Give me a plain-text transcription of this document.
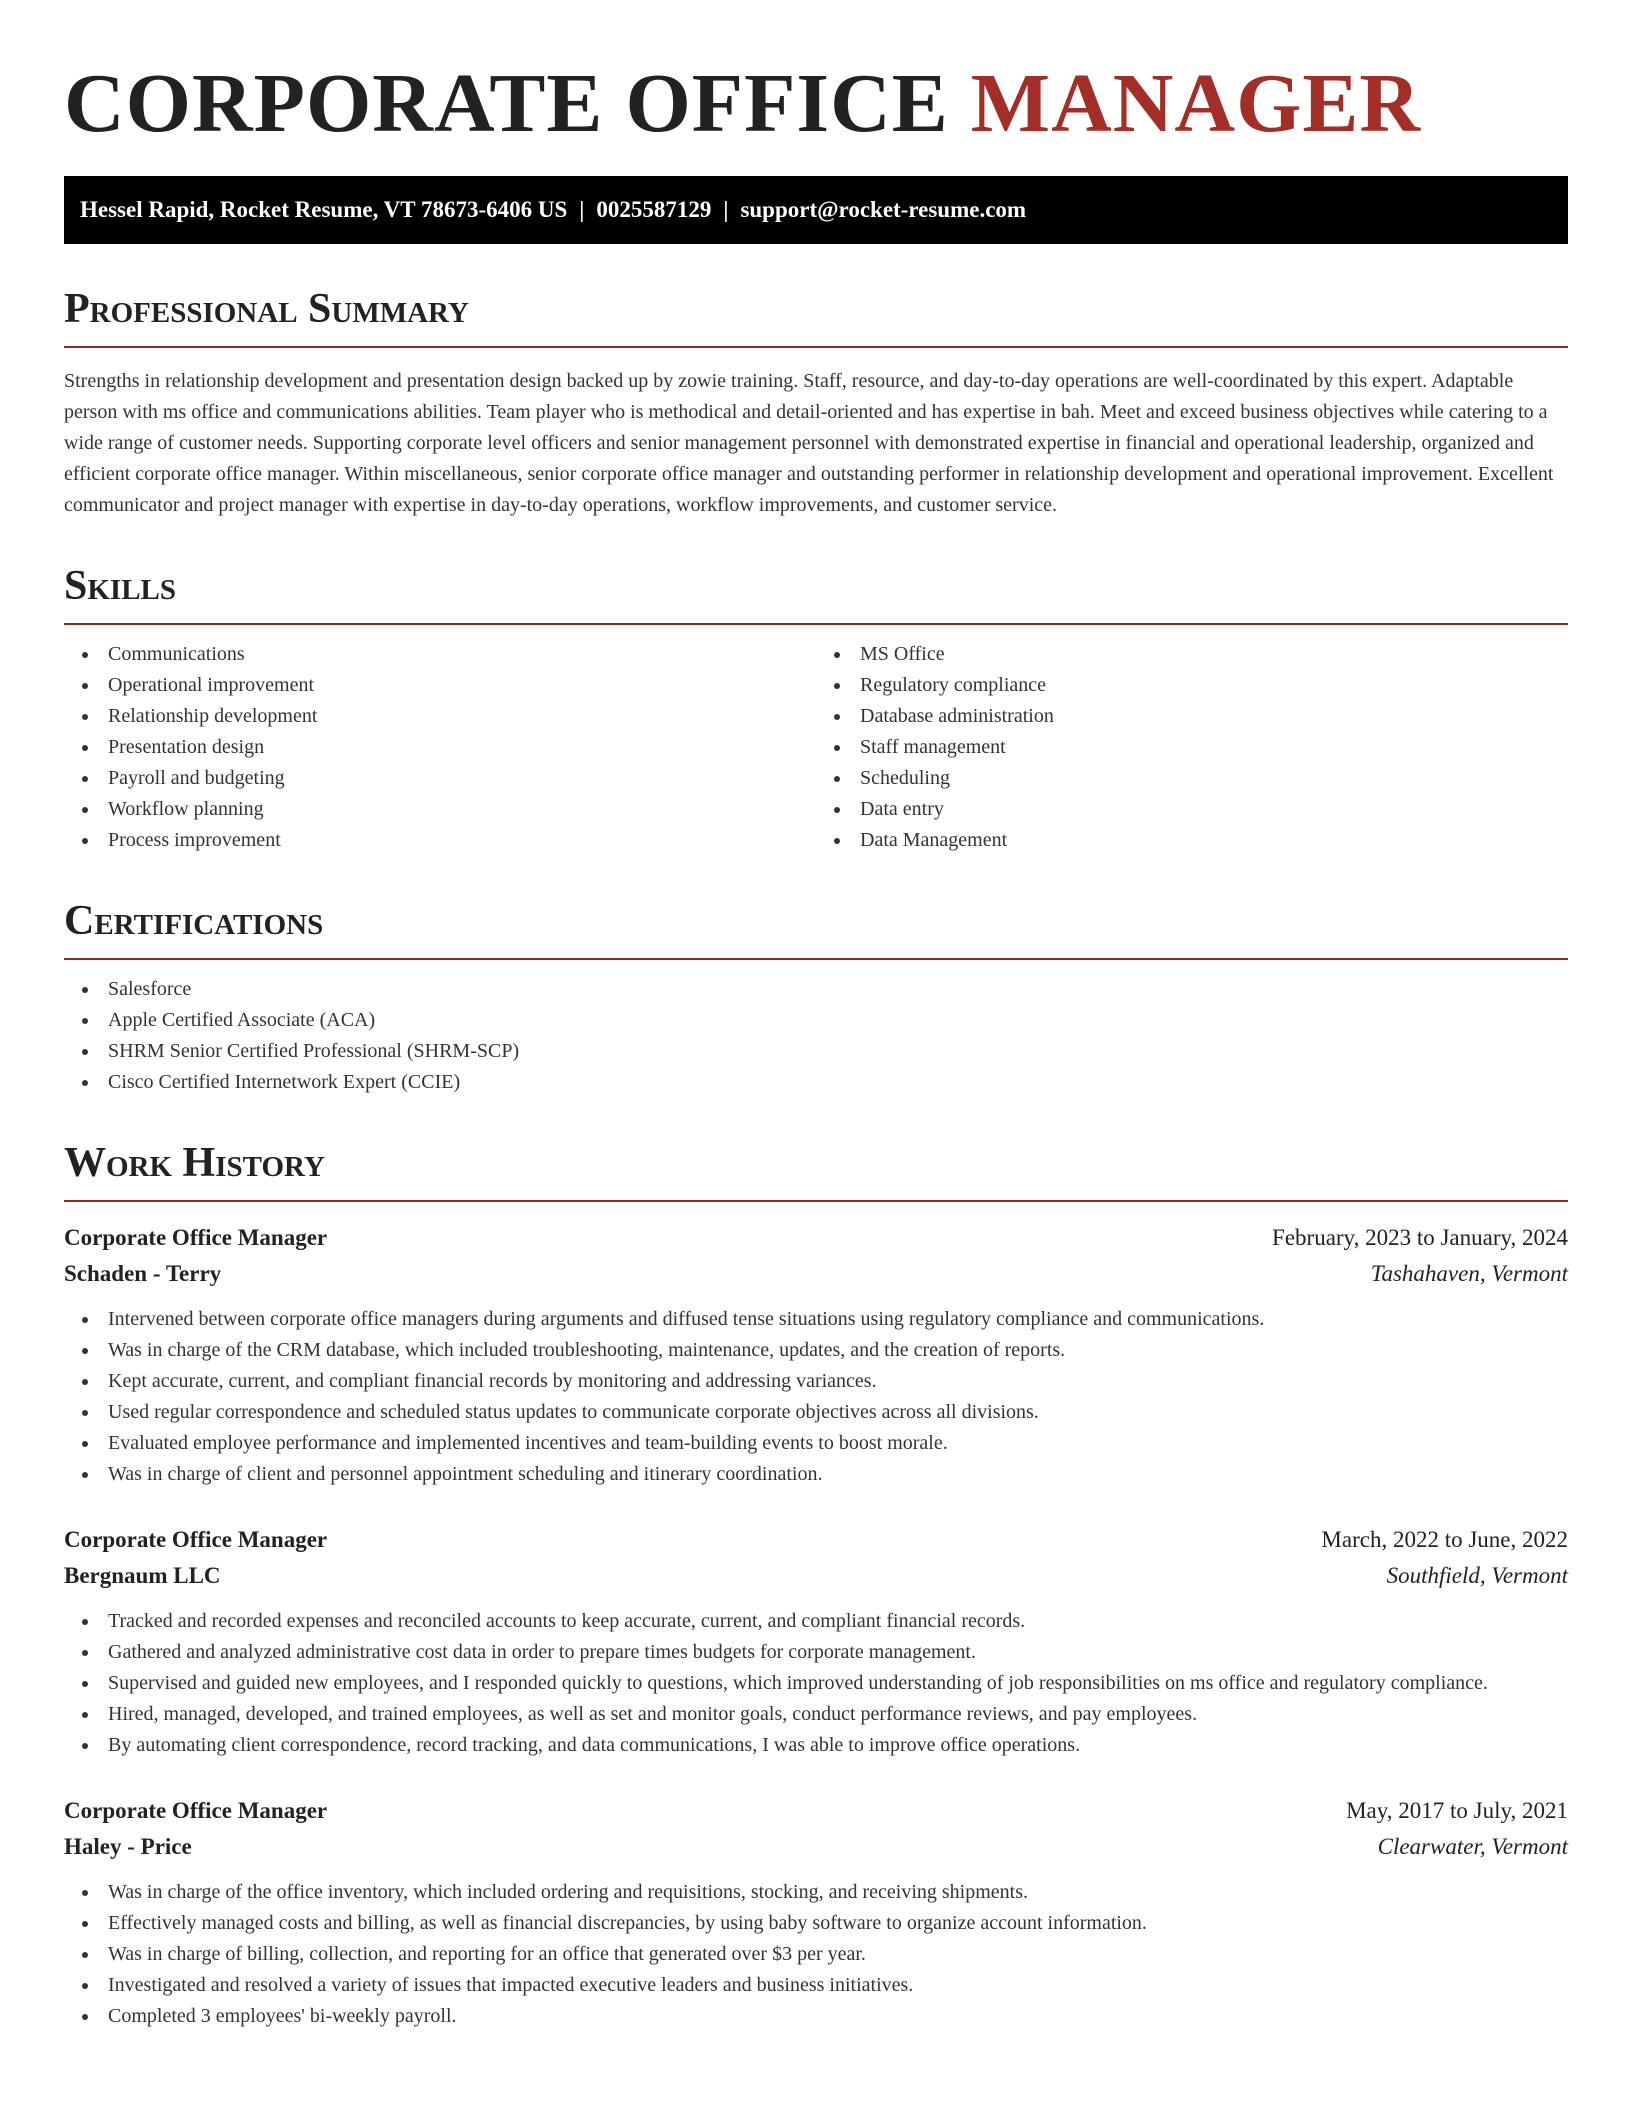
CORPORATE OFFICE MANAGER
Hessel Rapid, Rocket Resume, VT 78673-6406 US | 0025587129 | support@rocket-resume.com
Professional Summary

Strengths in relationship development and presentation design backed up by zowie training. Staff, resource, and day-to-day operations are well-coordinated by this expert. Adaptable person with ms office and communications abilities. Team player who is methodical and detail-oriented and has expertise in bah. Meet and exceed business objectives while catering to a wide range of customer needs. Supporting corporate level officers and senior management personnel with demonstrated expertise in financial and operational leadership, organized and efficient corporate office manager. Within miscellaneous, senior corporate office manager and outstanding performer in relationship development and operational improvement. Excellent communicator and project manager with expertise in day-to-day operations, workflow improvements, and customer service.

Skills
Communications
Operational improvement
Relationship development
Presentation design
Payroll and budgeting
Workflow planning
Process improvement
MS Office
Regulatory compliance
Database administration
Staff management
Scheduling
Data entry
Data Management
Certifications
Salesforce
Apple Certified Associate (ACA)
SHRM Senior Certified Professional (SHRM-SCP)
Cisco Certified Internetwork Expert (CCIE)
Work History
Corporate Office Manager	February, 2023 to January, 2024
Schaden - Terry	Tashahaven, Vermont
Intervened between corporate office managers during arguments and diffused tense situations using regulatory compliance and communications.
Was in charge of the CRM database, which included troubleshooting, maintenance, updates, and the creation of reports.
Kept accurate, current, and compliant financial records by monitoring and addressing variances.
Used regular correspondence and scheduled status updates to communicate corporate objectives across all divisions.
Evaluated employee performance and implemented incentives and team-building events to boost morale.
Was in charge of client and personnel appointment scheduling and itinerary coordination.
Corporate Office Manager	March, 2022 to June, 2022
Bergnaum LLC	Southfield, Vermont
Tracked and recorded expenses and reconciled accounts to keep accurate, current, and compliant financial records.
Gathered and analyzed administrative cost data in order to prepare times budgets for corporate management.
Supervised and guided new employees, and I responded quickly to questions, which improved understanding of job responsibilities on ms office and regulatory compliance.
Hired, managed, developed, and trained employees, as well as set and monitor goals, conduct performance reviews, and pay employees.
By automating client correspondence, record tracking, and data communications, I was able to improve office operations.
Corporate Office Manager	May, 2017 to July, 2021
Haley - Price	Clearwater, Vermont
Was in charge of the office inventory, which included ordering and requisitions, stocking, and receiving shipments.
Effectively managed costs and billing, as well as financial discrepancies, by using baby software to organize account information.
Was in charge of billing, collection, and reporting for an office that generated over $3 per year.
Investigated and resolved a variety of issues that impacted executive leaders and business initiatives.
Completed 3 employees' bi-weekly payroll.
